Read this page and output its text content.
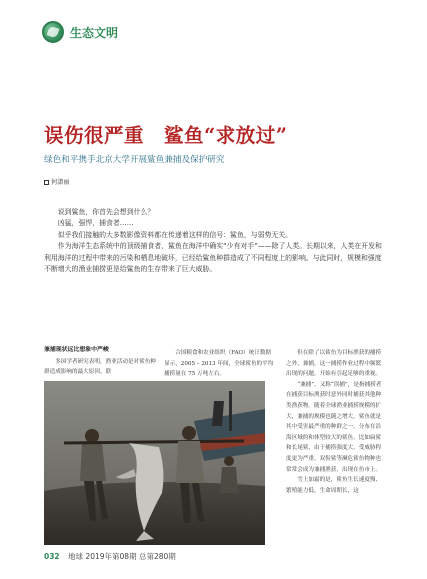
生态文明
误伤很严重　鲨鱼“求放过”
绿色和平携手北京大学开展鲨鱼兼捕及保护研究
何潇丽

说到鲨鱼，你首先会想到什么？

凶猛，强悍，捕食者……

似乎我们接触的大多数影像资料都在传递着这样的信号：鲨鱼，与弱势无关。

作为海洋生态系统中的顶级捕食者，鲨鱼在海洋中确实“少有对手”——除了人类。长期以来，人类在开发和利用海洋的过程中带来的污染和栖息地破坏，已经给鲨鱼种群造成了不同程度上的影响。与此同时，规模和强度不断增大的渔业捕捞更是给鲨鱼的生存带来了巨大威胁。

兼捕现状远比想象中严峻

多国学者研究表明，渔业活动是对鲨鱼种群造成影响的最大原因。联

合国粮食和农业组织（FAO）统计数据显示，2005 – 2013 年间，全球鲨鱼的平均捕捞量在 75 万吨左右。

但在除了以鲨鱼为目标渔获的捕捞之外，兼捕，这一捕捞作业过程中频繁出现的问题，开始有引起足够的重视。

“兼捕”，又称“误捕”，是指捕捞者在捕获目标渔获时意外同时捕获其他种类渔获物。随着全球渔业捕捞规模的扩大，兼捕的规模也随之增大，鲨鱼就是其中受害最严重的种群之一。分布在沿海区域的和体型较大的鲨鱼，比如扁鲨和长尾鲨，由于捕捞强度大、受威胁程度更为严重。双髻鲨等濒危鲨鱼物种也常常会成为兼捕渔获，出现在鱼市上。

雪上加霜的是，鲨鱼生长速度慢、繁殖能力低、生命周期长，这

032 地球 2019年第08期 总第280期
